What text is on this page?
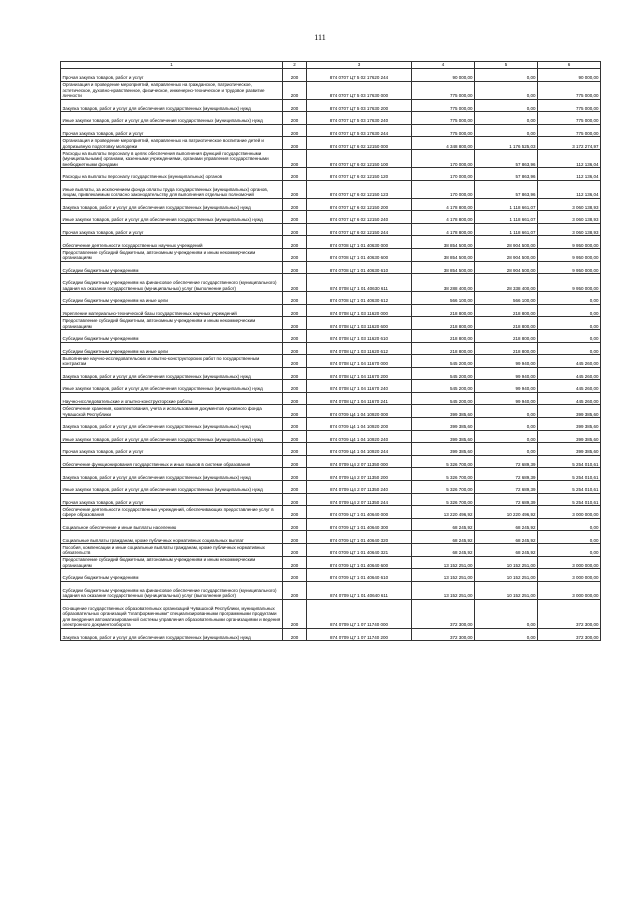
111
1	2	3	4	5	6
Прочая закупка товаров, работ и услуг	200	874 0707 Ц7 5 02 17620 244	90 000,00	0,00	90 000,00
Организация и проведение мероприятий, направленных на гражданское, патриотическое, эстетическое, духовно-нравственное, физическое, инженерно-техническое и трудовое развитие личности	200	874 0707 Ц7 5 03 17630 000	775 000,00	0,00	775 000,00
Закупка товаров, работ и услуг для обеспечения государственных (муниципальных) нужд	200	874 0707 Ц7 5 03 17630 200	775 000,00	0,00	775 000,00
Иные закупки товаров, работ и услуг для обеспечения государственных (муниципальных) нужд	200	874 0707 Ц7 5 03 17630 240	775 000,00	0,00	775 000,00
Прочая закупка товаров, работ и услуг	200	874 0707 Ц7 5 03 17630 244	775 000,00	0,00	775 000,00
Организация и проведение мероприятий, направленных на патриотическое воспитание детей и допризывную подготовку молодежи	200	874 0707 Ц7 6 02 12150 000	4 348 800,00	1 176 525,03	3 172 274,97
Расходы на выплаты персоналу в целях обеспечения выполнения функций государственными (муниципальными) органами, казенными учреждениями, органами управления государственными внебюджетными фондами	200	874 0707 Ц7 6 02 12150 100	170 000,00	57 863,96	112 136,04
Расходы на выплаты персоналу государственных (муниципальных) органов	200	874 0707 Ц7 6 02 12150 120	170 000,00	57 863,96	112 136,04
Иные выплаты, за исключением фонда оплаты труда государственных (муниципальных) органов, лицам, привлекаемым согласно законодательству для выполнения отдельных полномочий	200	874 0707 Ц7 6 02 12150 123	170 000,00	57 863,96	112 136,04
Закупка товаров, работ и услуг для обеспечения государственных (муниципальных) нужд	200	874 0707 Ц7 6 02 12150 200	4 178 800,00	1 118 661,07	3 060 138,93
Иные закупки товаров, работ и услуг для обеспечения государственных (муниципальных) нужд	200	874 0707 Ц7 6 02 12150 240	4 178 800,00	1 118 661,07	3 060 138,93
Прочая закупка товаров, работ и услуг	200	874 0707 Ц7 6 02 12150 244	4 178 800,00	1 118 661,07	3 060 138,93
Обеспечение деятельности государственных научных учреждений	200	874 0708 Ц7 1 01 40630 000	38 854 500,00	28 904 500,00	9 950 000,00
Предоставление субсидий бюджетным, автономным учреждениям и иным некоммерческим организациям	200	874 0708 Ц7 1 01 40630 600	38 854 500,00	28 904 500,00	9 950 000,00
Субсидии бюджетным учреждениям	200	874 0708 Ц7 1 01 40630 610	38 854 500,00	28 904 500,00	9 950 000,00
Субсидии бюджетным учреждениям на финансовое обеспечение государственного (муниципального) задания на оказание государственных (муниципальных) услуг (выполнение работ)	200	874 0708 Ц7 1 01 40630 611	38 288 400,00	28 338 400,00	9 950 000,00
Субсидии бюджетным учреждениям на иные цели	200	874 0708 Ц7 1 01 40630 612	566 100,00	566 100,00	0,00
Укрепление материально-технической базы государственных научных учреждений	200	874 0708 Ц7 1 03 11620 000	218 800,00	218 800,00	0,00
Предоставление субсидий бюджетным, автономным учреждениям и иным некоммерческим организациям	200	874 0708 Ц7 1 03 11620 600	218 800,00	218 800,00	0,00
Субсидии бюджетным учреждениям	200	874 0708 Ц7 1 03 11620 610	218 800,00	218 800,00	0,00
Субсидии бюджетным учреждениям на иные цели	200	874 0708 Ц7 1 03 11620 612	218 800,00	218 800,00	0,00
Выполнение научно-исследовательских и опытно-конструкторских работ по государственным контрактам	200	874 0708 Ц7 1 04 11670 000	545 200,00	99 940,00	445 260,00
Закупка товаров, работ и услуг для обеспечения государственных (муниципальных) нужд	200	874 0708 Ц7 1 04 11670 200	545 200,00	99 940,00	445 260,00
Иные закупки товаров, работ и услуг для обеспечения государственных (муниципальных) нужд	200	874 0708 Ц7 1 04 11670 240	545 200,00	99 940,00	445 260,00
Научно-исследовательские и опытно-конструкторские работы	200	874 0708 Ц7 1 04 11670 241	545 200,00	99 940,00	445 260,00
Обеспечение хранения, комплектования, учета и использования документов Архивного фонда Чувашской Республики	200	874 0709 Ц4 1 04 10920 000	399 385,60	0,00	399 385,60
Закупка товаров, работ и услуг для обеспечения государственных (муниципальных) нужд	200	874 0709 Ц4 1 04 10920 200	399 385,60	0,00	399 385,60
Иные закупки товаров, работ и услуг для обеспечения государственных (муниципальных) нужд	200	874 0709 Ц4 1 04 10920 240	399 385,60	0,00	399 385,60
Прочая закупка товаров, работ и услуг	200	874 0709 Ц4 1 04 10920 244	399 385,60	0,00	399 385,60
Обеспечение функционирования государственных и иных языков в системе образования	200	874 0709 Ц4 2 07 11350 000	5 326 700,00	72 689,39	5 254 010,61
Закупка товаров, работ и услуг для обеспечения государственных (муниципальных) нужд	200	874 0709 Ц4 2 07 11350 200	5 326 700,00	72 689,39	5 254 010,61
Иные закупки товаров, работ и услуг для обеспечения государственных (муниципальных) нужд	200	874 0709 Ц4 2 07 11350 240	5 326 700,00	72 689,39	5 254 010,61
Прочая закупка товаров, работ и услуг	200	874 0709 Ц4 2 07 11350 244	5 326 700,00	72 689,39	5 254 010,61
Обеспечение деятельности государственных учреждений, обеспечивающих предоставление услуг в сфере образования	200	874 0709 Ц7 1 01 40640 000	13 220 496,92	10 220 496,92	3 000 000,00
Социальное обеспечение и иные выплаты населению	200	874 0709 Ц7 1 01 40640 300	68 245,92	68 245,92	0,00
Социальные выплаты гражданам, кроме публичных нормативных социальных выплат	200	874 0709 Ц7 1 01 40640 320	68 245,92	68 245,92	0,00
Пособия, компенсации и иные социальные выплаты гражданам, кроме публичных нормативных обязательств	200	874 0709 Ц7 1 01 40640 321	68 245,92	68 245,92	0,00
Предоставление субсидий бюджетным, автономным учреждениям и иным некоммерческим организациям	200	874 0709 Ц7 1 01 40640 600	13 152 251,00	10 152 251,00	3 000 000,00
Субсидии бюджетным учреждениям	200	874 0709 Ц7 1 01 40640 610	13 152 251,00	10 152 251,00	3 000 000,00
Субсидии бюджетным учреждениям на финансовое обеспечение государственного (муниципального) задания на оказание государственных (муниципальных) услуг (выполнение работ)	200	874 0709 Ц7 1 01 40640 611	13 152 251,00	10 152 251,00	3 000 000,00
Оснащение государственных образовательных организаций Чувашской Республики, муниципальных образовательных организаций "платформенными" специализированными программными продуктами для внедрения автоматизированной системы управления образовательными организациями и ведения электронного документооборота	200	874 0709 Ц7 1 07 11740 000	372 300,00	0,00	372 300,00
Закупка товаров, работ и услуг для обеспечения государственных (муниципальных) нужд	200	874 0709 Ц7 1 07 11740 200	372 300,00	0,00	372 300,00
